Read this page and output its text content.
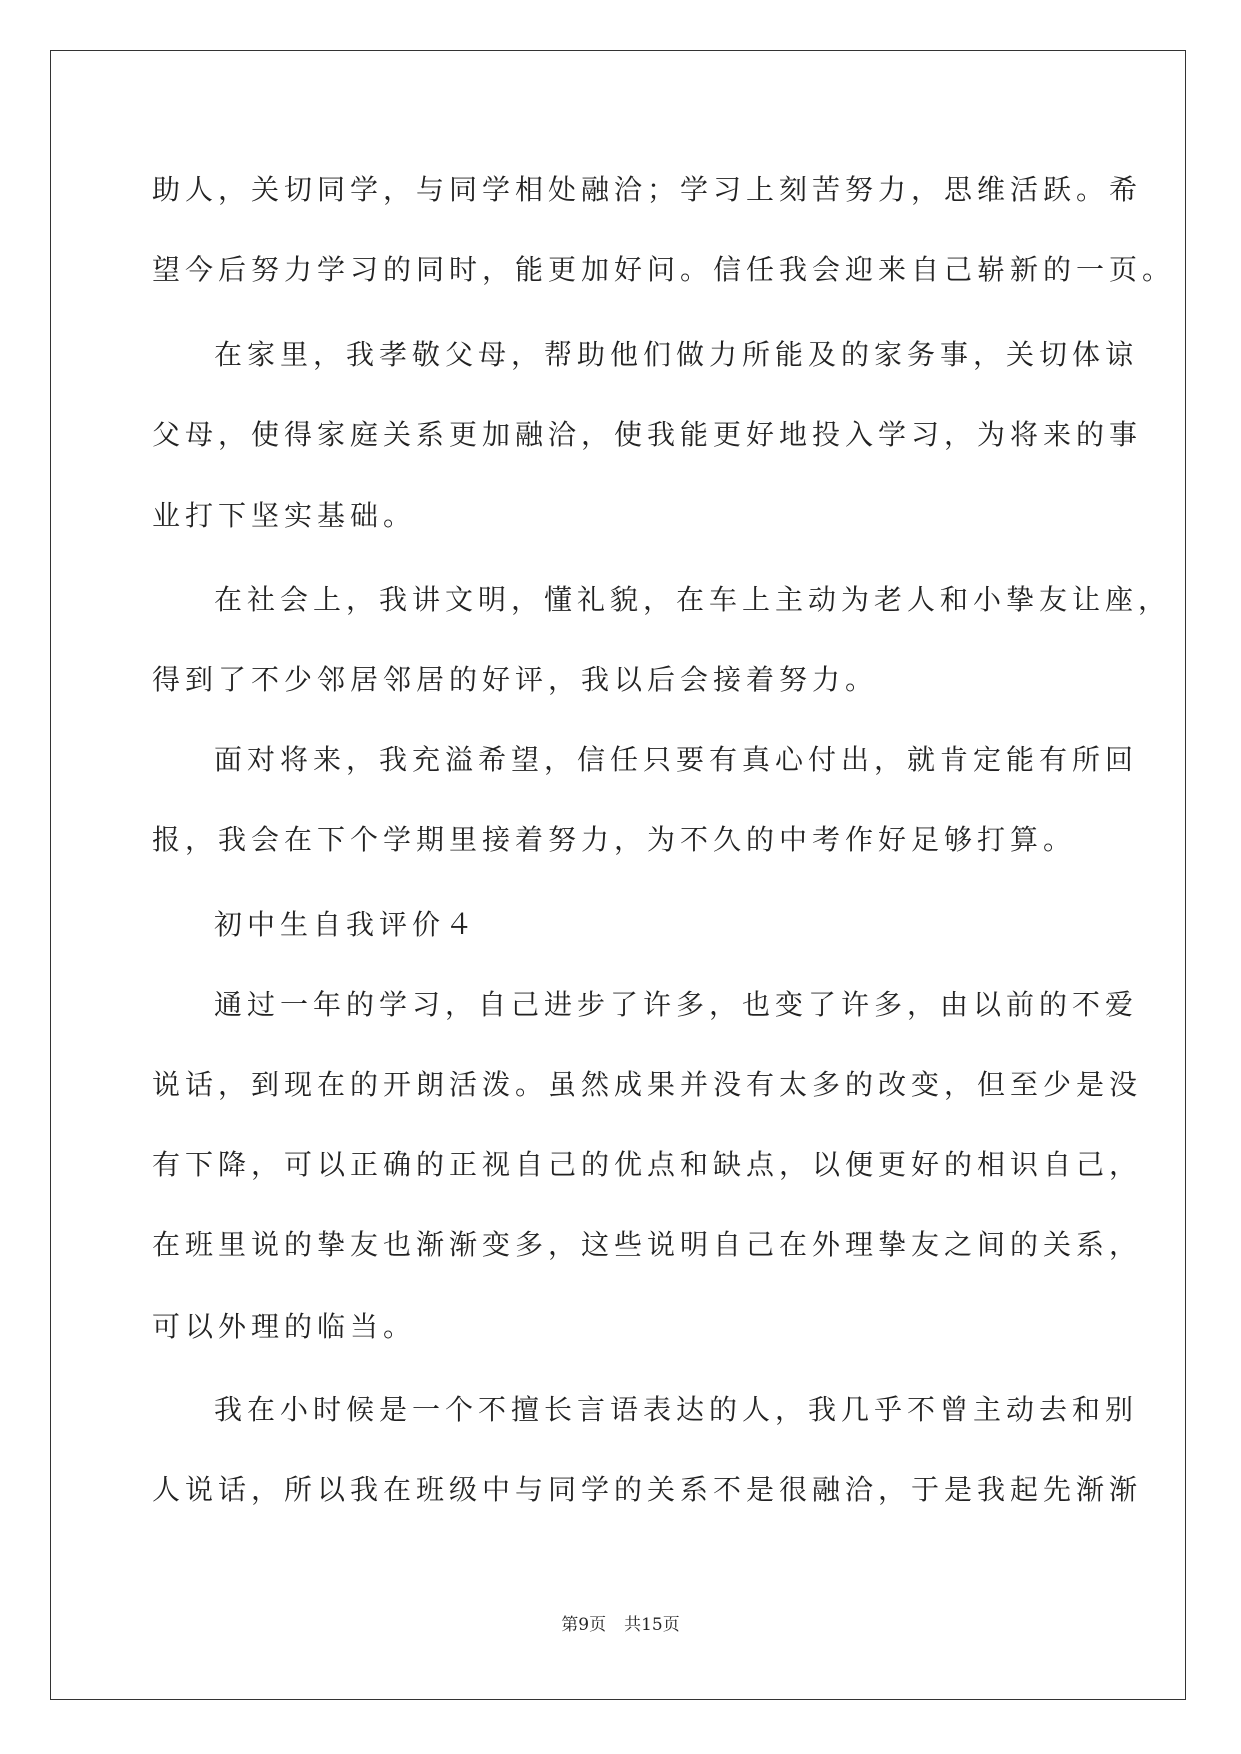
助人，关切同学，与同学相处融洽；学习上刻苦努力，思维活跃。希

望今后努力学习的同时，能更加好问。信任我会迎来自己崭新的一页。

在家里，我孝敬父母，帮助他们做力所能及的家务事，关切体谅

父母，使得家庭关系更加融洽，使我能更好地投入学习，为将来的事

业打下坚实基础。

在社会上，我讲文明，懂礼貌，在车上主动为老人和小挚友让座，

得到了不少邻居邻居的好评，我以后会接着努力。

面对将来，我充溢希望，信任只要有真心付出，就肯定能有所回

报，我会在下个学期里接着努力，为不久的中考作好足够打算。

初中生自我评价４

通过一年的学习，自己进步了许多，也变了许多，由以前的不爱

说话，到现在的开朗活泼。虽然成果并没有太多的改变，但至少是没

有下降，可以正确的正视自己的优点和缺点，以便更好的相识自己，

在班里说的挚友也渐渐变多，这些说明自己在外理挚友之间的关系，

可以外理的临当。

我在小时候是一个不擅长言语表达的人，我几乎不曾主动去和别

人说话，所以我在班级中与同学的关系不是很融洽，于是我起先渐渐

第9页 共15页
